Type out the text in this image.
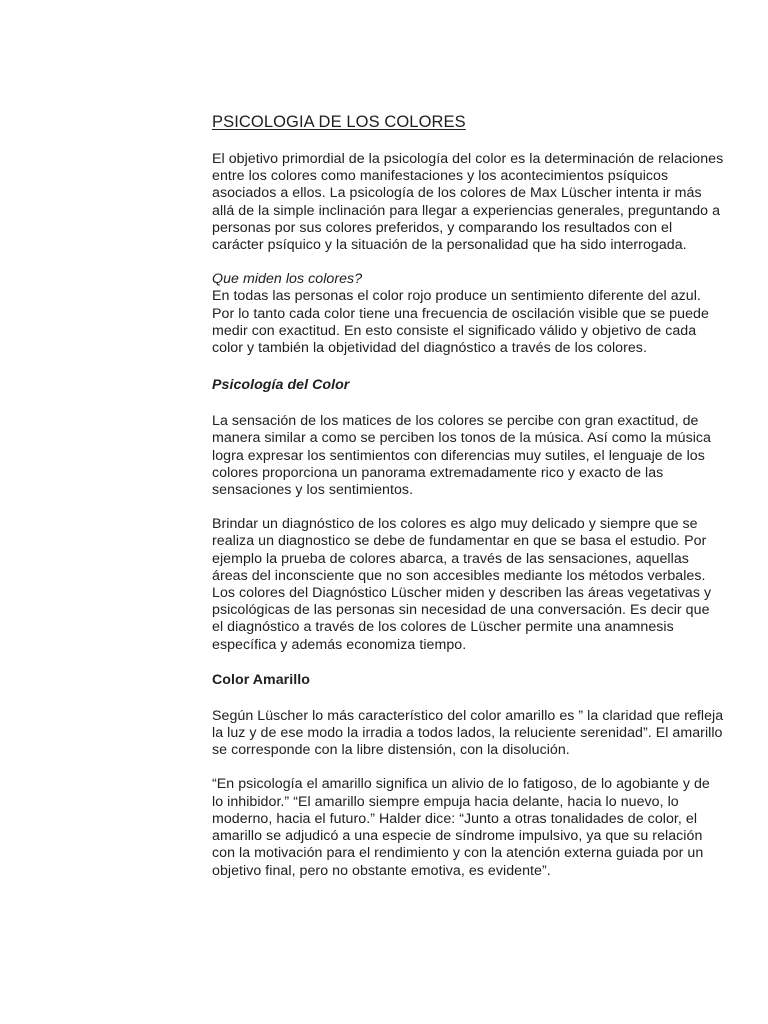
PSICOLOGIA DE LOS COLORES

El objetivo primordial de la psicología del color es la determinación de relaciones entre los colores como manifestaciones y los acontecimientos psíquicos asociados a ellos. La psicología de los colores de Max Lüscher intenta ir más allá de la simple inclinación para llegar a experiencias generales, preguntando a personas por sus colores preferidos, y comparando los resultados con el carácter psíquico y la situación de la personalidad que ha sido interrogada.

Que miden los colores?

En todas las personas el color rojo produce un sentimiento diferente del azul. Por lo tanto cada color tiene una frecuencia de oscilación visible que se puede medir con exactitud. En esto consiste el significado válido y objetivo de cada color y también la objetividad del diagnóstico a través de los colores.

Psicología del Color

La sensación de los matices de los colores se percibe con gran exactitud, de manera similar a como se perciben los tonos de la música. Así como la música logra expresar los sentimientos con diferencias muy sutiles, el lenguaje de los colores proporciona un panorama extremadamente rico y exacto de las sensaciones y los sentimientos.

Brindar un diagnóstico de los colores es algo muy delicado y siempre que se realiza un diagnostico se debe de fundamentar en que se basa el estudio. Por ejemplo la prueba de colores abarca, a través de las sensaciones, aquellas áreas del inconsciente que no son accesibles mediante los métodos verbales. Los colores del Diagnóstico Lüscher miden y describen las áreas vegetativas y psicológicas de las personas sin necesidad de una conversación. Es decir que el diagnóstico a través de los colores de Lüscher permite una anamnesis específica y además economiza tiempo.

Color Amarillo

Según Lüscher lo más característico del color amarillo es ” la claridad que refleja la luz y de ese modo la irradia a todos lados, la reluciente serenidad”. El amarillo se corresponde con la libre distensión, con la disolución.

“En psicología el amarillo significa un alivio de lo fatigoso, de lo agobiante y de lo inhibidor.” “El amarillo siempre empuja hacia delante, hacia lo nuevo, lo moderno, hacia el futuro.” Halder dice: “Junto a otras tonalidades de color, el amarillo se adjudicó a una especie de síndrome impulsivo, ya que su relación con la motivación para el rendimiento y con la atención externa guiada por un objetivo final, pero no obstante emotiva, es evidente”.
